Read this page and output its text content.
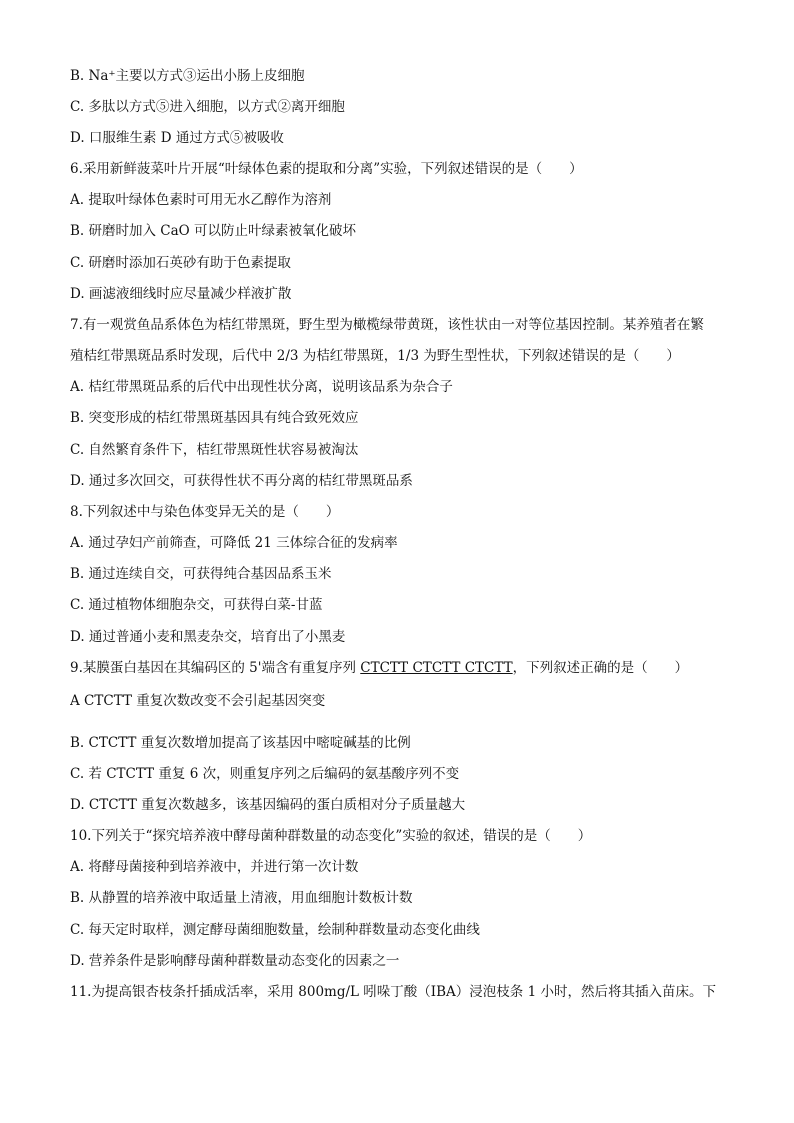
B. Na⁺主要以方式③运出小肠上皮细胞
C. 多肽以方式⑤进入细胞，以方式②离开细胞
D. 口服维生素 D 通过方式⑤被吸收
6.采用新鲜菠菜叶片开展“叶绿体色素的提取和分离”实验，下列叙述错误的是（　　）
A. 提取叶绿体色素时可用无水乙醇作为溶剂
B. 研磨时加入 CaO 可以防止叶绿素被氧化破坏
C. 研磨时添加石英砂有助于色素提取
D. 画滤液细线时应尽量减少样液扩散
7.有一观赏鱼品系体色为桔红带黑斑，野生型为橄榄绿带黄斑，该性状由一对等位基因控制。某养殖者在繁
殖桔红带黑斑品系时发现，后代中 2/3 为桔红带黑斑，1/3 为野生型性状，下列叙述错误的是（　　）
A. 桔红带黑斑品系的后代中出现性状分离，说明该品系为杂合子
B. 突变形成的桔红带黑斑基因具有纯合致死效应
C. 自然繁育条件下，桔红带黑斑性状容易被淘汰
D. 通过多次回交，可获得性状不再分离的桔红带黑斑品系
8.下列叙述中与染色体变异无关的是（　　）
A. 通过孕妇产前筛查，可降低 21 三体综合征的发病率
B. 通过连续自交，可获得纯合基因品系玉米
C. 通过植物体细胞杂交，可获得白菜-甘蓝
D. 通过普通小麦和黑麦杂交，培育出了小黑麦
9.某膜蛋白基因在其编码区的 5'端含有重复序列 CTCTT CTCTT CTCTT，下列叙述正确的是（　　）
A CTCTT 重复次数改变不会引起基因突变
B. CTCTT 重复次数增加提高了该基因中嘧啶碱基的比例
C. 若 CTCTT 重复 6 次，则重复序列之后编码的氨基酸序列不变
D. CTCTT 重复次数越多，该基因编码的蛋白质相对分子质量越大
10.下列关于“探究培养液中酵母菌种群数量的动态变化”实验的叙述，错误的是（　　）
A. 将酵母菌接种到培养液中，并进行第一次计数
B. 从静置的培养液中取适量上清液，用血细胞计数板计数
C. 每天定时取样，测定酵母菌细胞数量，绘制种群数量动态变化曲线
D. 营养条件是影响酵母菌种群数量动态变化的因素之一
11.为提高银杏枝条扦插成活率，采用 800mg/L 吲哚丁酸（IBA）浸泡枝条 1 小时，然后将其插入苗床。下
